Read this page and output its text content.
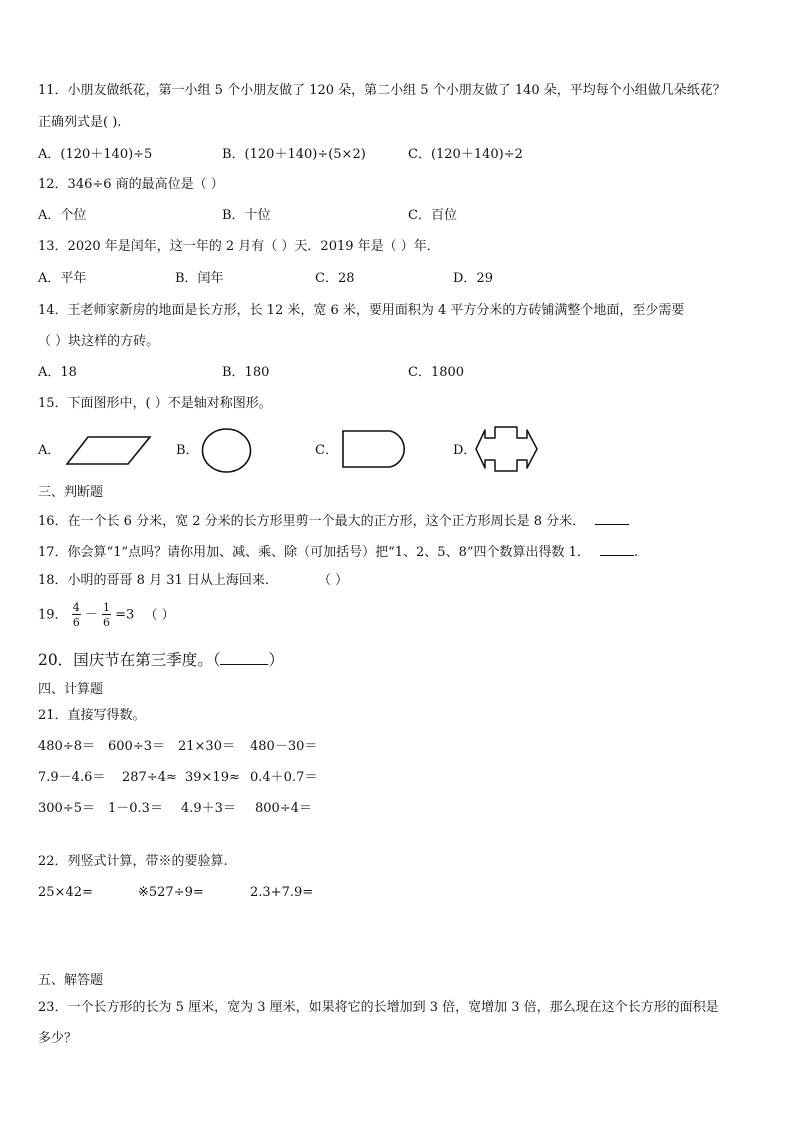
11．小朋友做纸花，第一小组 5 个小朋友做了 120 朵，第二小组 5 个小朋友做了 140 朵，平均每个小组做几朵纸花？
正确列式是( ).
A．(120＋140)÷5	B．(120＋140)÷(5×2)	C．(120＋140)÷2
12．346÷6 商的最高位是（ ）
A．个位	B．十位	C．百位
13．2020 年是闰年，这一年的 2 月有（ ）天．2019 年是（ ）年．
A．平年	B．闰年	C．28	D．29
14．王老师家新房的地面是长方形，长 12 米，宽 6 米，要用面积为 4 平方分米的方砖铺满整个地面，至少需要
（ ）块这样的方砖。
A．18	B．180	C．1800
15．下面图形中，( ）不是轴对称图形。
A．	B．	C．	D．
三、判断题
16．在一个长 6 分米，宽 2 分米的长方形里剪一个最大的正方形，这个正方形周长是 8 分米．
17．你会算“1”点吗？请你用加、减、乘、除（可加括号）把“1、2、5、8”四个数算出得数 1．	.
18．小明的哥哥 8 月 31 日从上海回来．	（ ）
19． $\frac{4}{6} - \frac{1}{6} =3$ （ ）
20．国庆节在第三季度。（	）
四、计算题
21．直接写得数。
480÷8＝ 600÷3＝ 21×30＝ 480－30＝
7.9－4.6＝ 287÷4≈ 39×19≈ 0.4＋0.7＝
300÷5＝ 1－0.3＝ 4.9＋3＝ 800÷4＝
22．列竖式计算，带※的要验算.
25×42=	※527÷9=	2.3+7.9=
五、解答题
23．一个长方形的长为 5 厘米，宽为 3 厘米，如果将它的长增加到 3 倍，宽增加 3 倍，那么现在这个长方形的面积是
多少？
